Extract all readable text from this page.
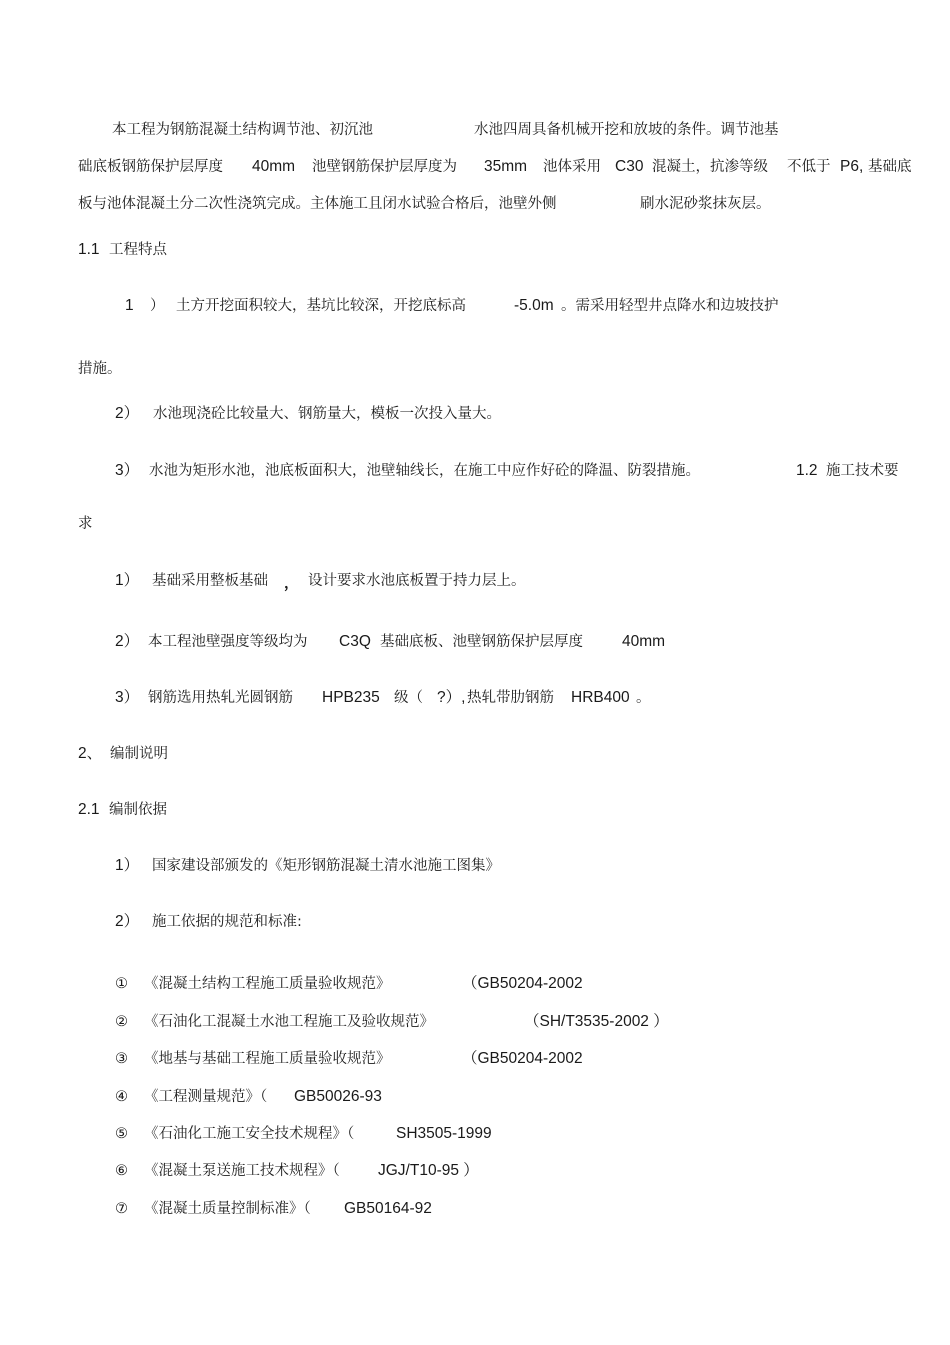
本工程为钢筋混凝土结构调节池、初沉池	水池四周具备机械开挖和放坡的条件。调节池基
础底板钢筋保护层厚度 40mm 池壁钢筋保护层厚度为 35mm 池体采用 C30 混凝土，抗渗等级 不低于 P6, 基础底
板与池体混凝土分二次性浇筑完成。主体施工且闭水试验合格后，池壁外侧	刷水泥砂浆抹灰层。
1.1 工程特点
1 ） 土方开挖面积较大，基坑比较深，开挖底标高	-5.0m 。需采用轻型井点降水和边坡技护
措施。
2） 水池现浇砼比较量大、钢筋量大，模板一次投入量大。
3） 水池为矩形水池，池底板面积大，池壁轴线长，在施工中应作好砼的降温、防裂措施。	1.2 施工技术要
求
1） 基础采用整板基础 ， 设计要求水池底板置于持力层上。
2） 本工程池壁强度等级均为 C3Q 基础底板、池壁钢筋保护层厚度	40mm
3） 钢筋选用热轧光圆钢筋 HPB235 级（ ?）, 热轧带肋钢筋 HRB400 。
2、 编制说明
2.1 编制依据
1） 国家建设部颁发的《矩形钢筋混凝土清水池施工图集》
2） 施工依据的规范和标准:
① 《混凝土结构工程施工质量验收规范》	（GB50204-2002
② 《石油化工混凝土水池工程施工及验收规范》	（SH/T3535-2002 ）
③ 《地基与基础工程施工质量验收规范》	（GB50204-2002
④ 《工程测量规范》（ GB50026-93
⑤ 《石油化工施工安全技术规程》（	SH3505-1999
⑥ 《混凝土泵送施工技术规程》（ JGJ/T10-95 ）
⑦ 《混凝土质量控制标准》（ GB50164-92
